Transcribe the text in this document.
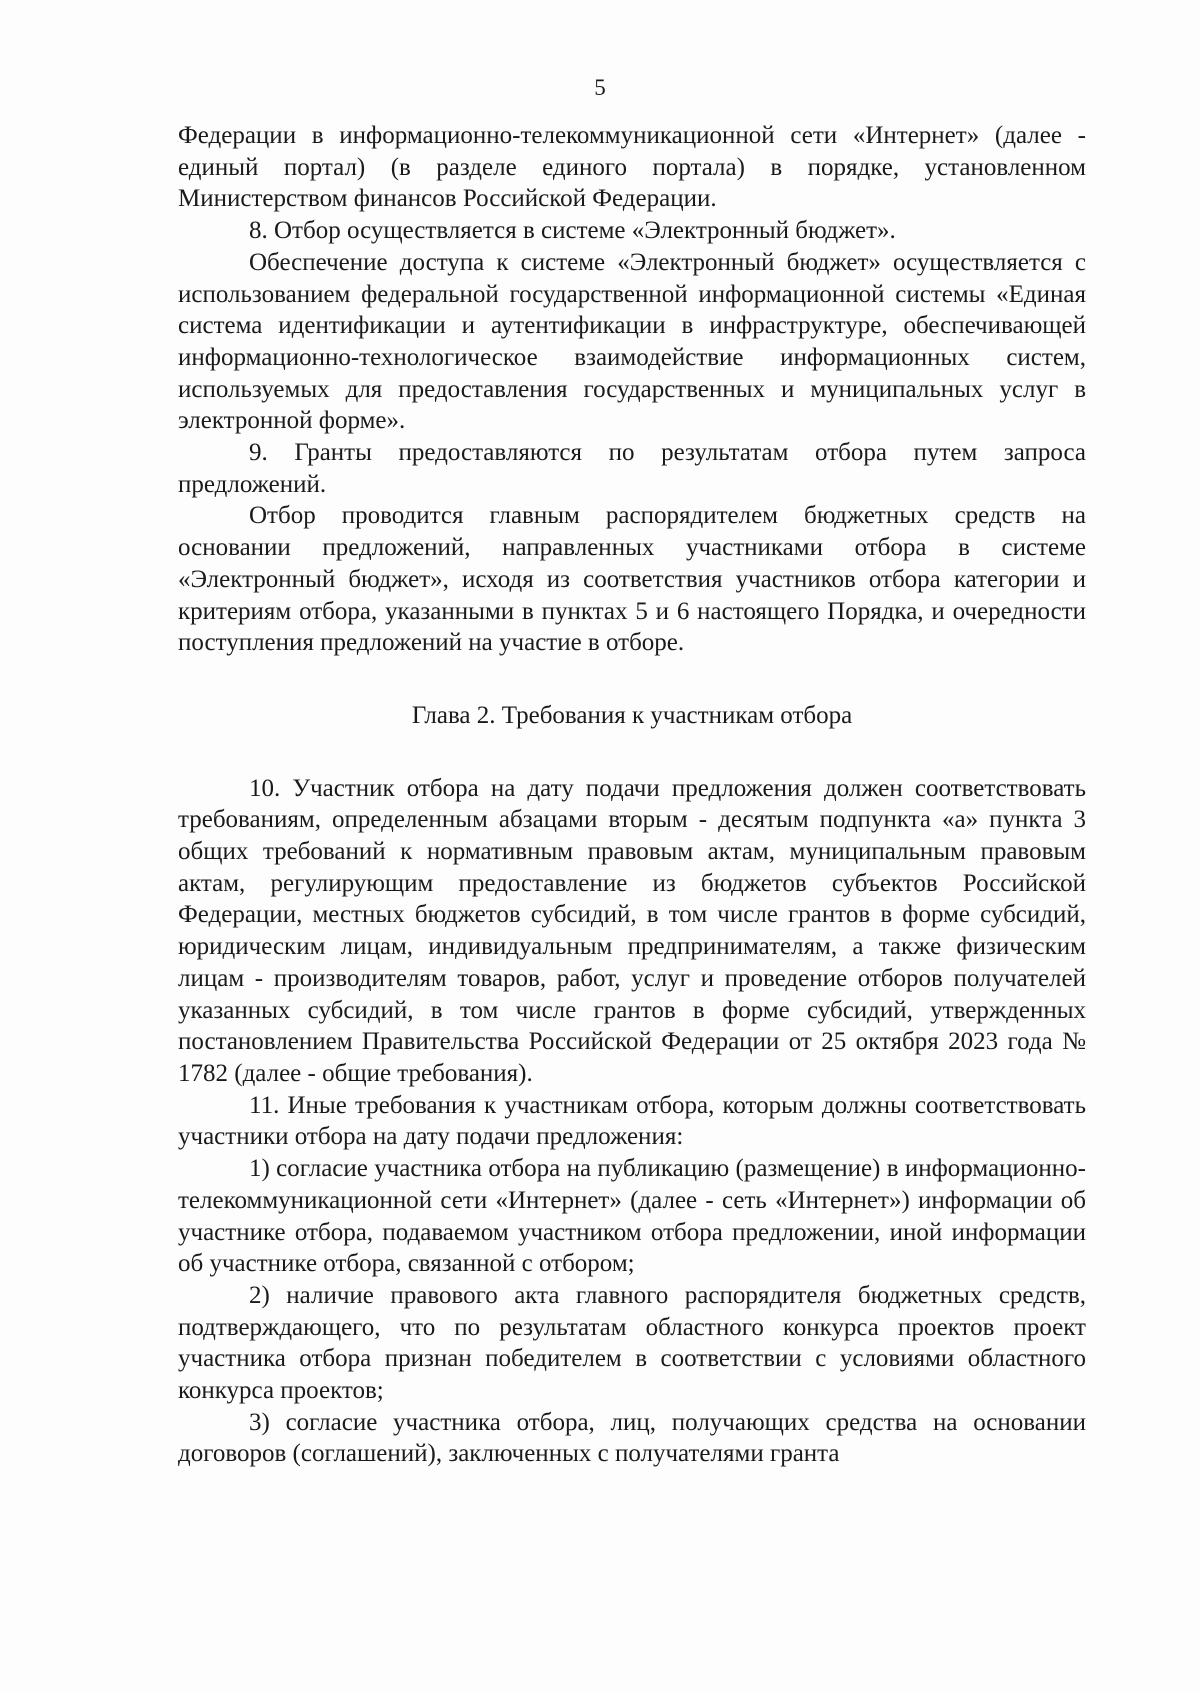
5

Федерации в информационно-телекоммуникационной сети «Интернет» (далее - единый портал) (в разделе единого портала) в порядке, установленном Министерством финансов Российской Федерации.

8. Отбор осуществляется в системе «Электронный бюджет».

Обеспечение доступа к системе «Электронный бюджет» осуществляется с использованием федеральной государственной информационной системы «Единая система идентификации и аутентификации в инфраструктуре, обеспечивающей информационно-технологическое взаимодействие информационных систем, используемых для предоставления государственных и муниципальных услуг в электронной форме».

9. Гранты предоставляются по результатам отбора путем запроса предложений.

Отбор проводится главным распорядителем бюджетных средств на основании предложений, направленных участниками отбора в системе «Электронный бюджет», исходя из соответствия участников отбора категории и критериям отбора, указанными в пунктах 5 и 6 настоящего Порядка, и очередности поступления предложений на участие в отборе.

Глава 2. Требования к участникам отбора

10. Участник отбора на дату подачи предложения должен соответствовать требованиям, определенным абзацами вторым - десятым подпункта «а» пункта 3 общих требований к нормативным правовым актам, муниципальным правовым актам, регулирующим предоставление из бюджетов субъектов Российской Федерации, местных бюджетов субсидий, в том числе грантов в форме субсидий, юридическим лицам, индивидуальным предпринимателям, а также физическим лицам - производителям товаров, работ, услуг и проведение отборов получателей указанных субсидий, в том числе грантов в форме субсидий, утвержденных постановлением Правительства Российской Федерации от 25 октября 2023 года № 1782 (далее - общие требования).

11. Иные требования к участникам отбора, которым должны соответствовать участники отбора на дату подачи предложения:

1) согласие участника отбора на публикацию (размещение) в информационно-телекоммуникационной сети «Интернет» (далее - сеть «Интернет») информации об участнике отбора, подаваемом участником отбора предложении, иной информации об участнике отбора, связанной с отбором;

2) наличие правового акта главного распорядителя бюджетных средств, подтверждающего, что по результатам областного конкурса проектов проект участника отбора признан победителем в соответствии с условиями областного конкурса проектов;

3) согласие участника отбора, лиц, получающих средства на основании договоров (соглашений), заключенных с получателями гранта
